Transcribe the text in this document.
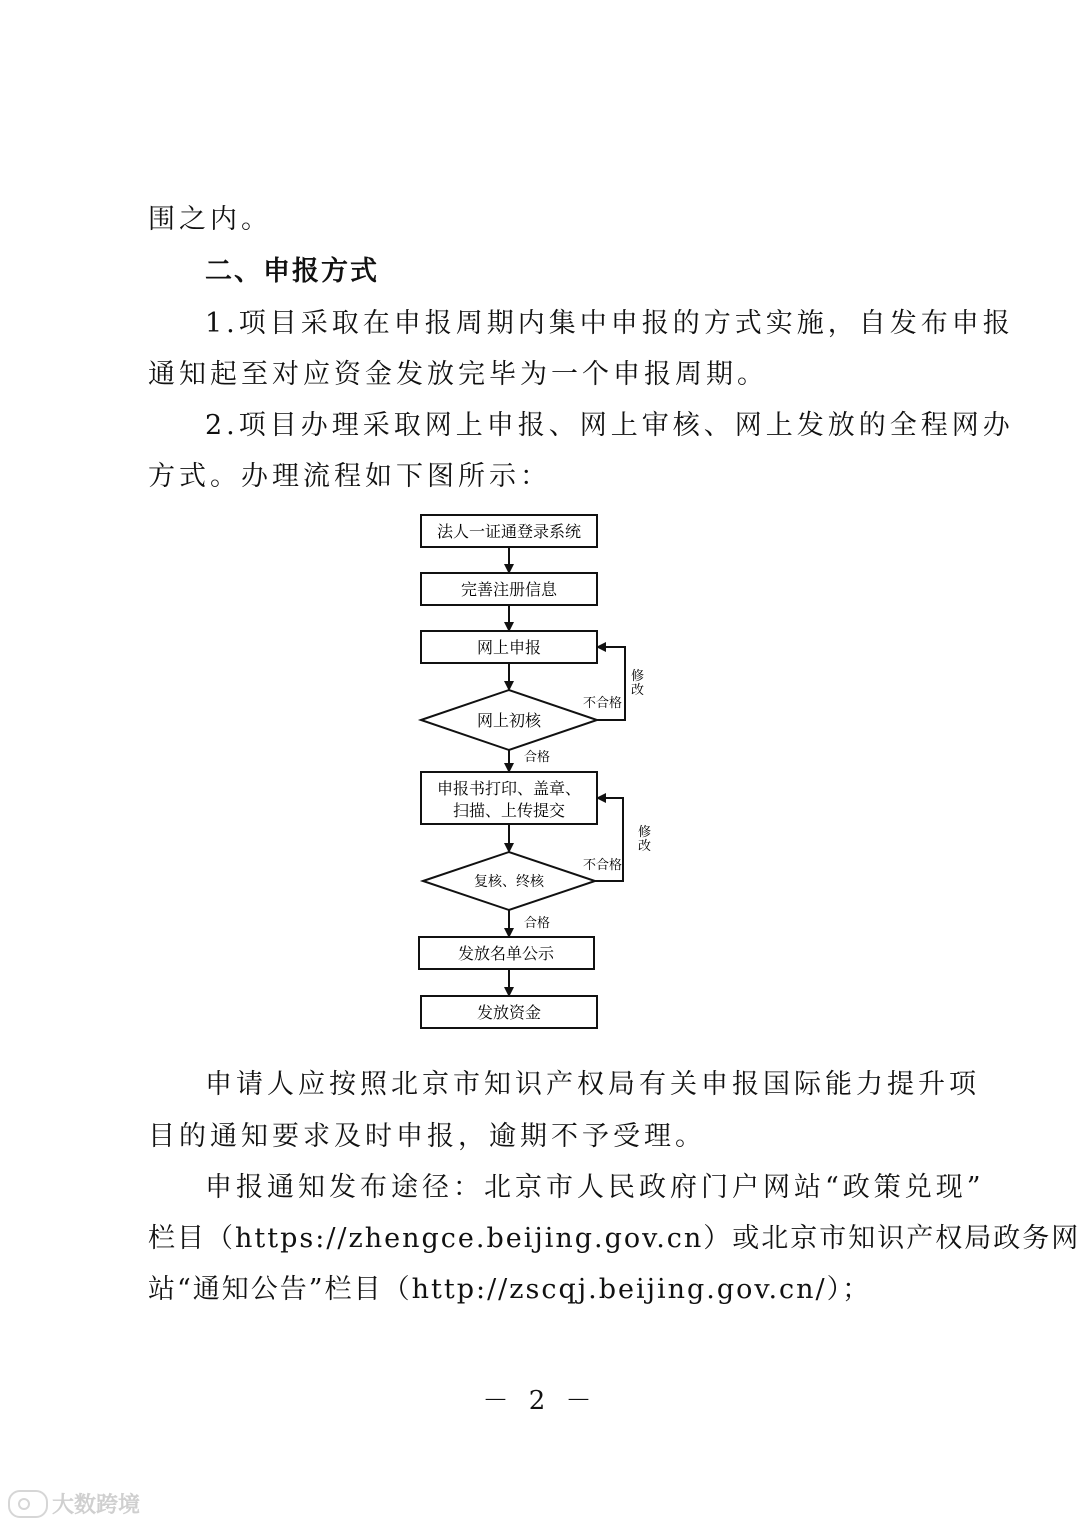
围之内。
二、申报方式
1.项目采取在申报周期内集中申报的方式实施，自发布申报
通知起至对应资金发放完毕为一个申报周期。
2.项目办理采取网上申报、网上审核、网上发放的全程网办
方式。办理流程如下图所示：
法人一证通登录系统
完善注册信息
网上申报
网上初核
申报书打印、盖章、
扫描、上传提交
复核、终核
发放名单公示
发放资金
不合格
修
改
合格
不合格
修
改
合格
申请人应按照北京市知识产权局有关申报国际能力提升项
目的通知要求及时申报，逾期不予受理。
申报通知发布途径：北京市人民政府门户网站“政策兑现”
栏目（https://zhengce.beijing.gov.cn）或北京市知识产权局政务网
站“通知公告”栏目（http://zscqj.beijing.gov.cn/）；
－ 2 －
大数跨境
